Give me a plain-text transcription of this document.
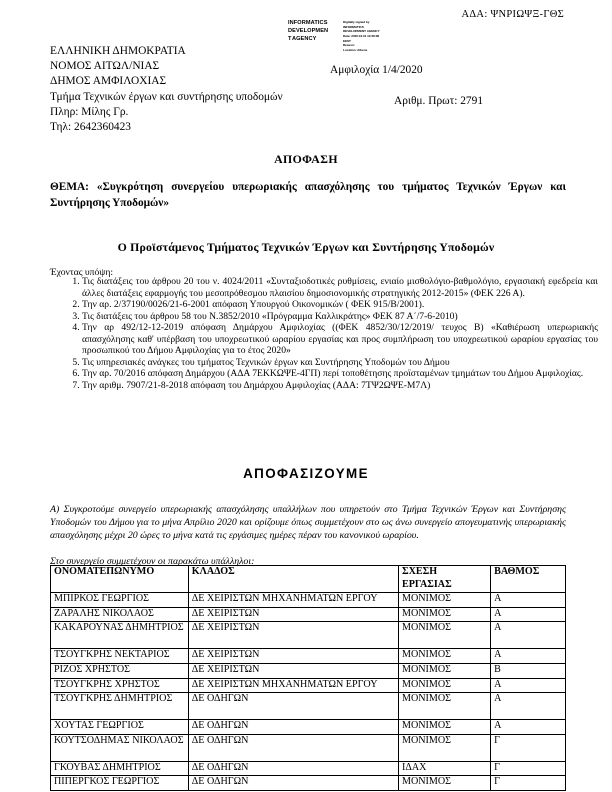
ΑΔΑ: ΨΝΡΙΩΨΞ-ΓΘΣ
INFORMATICS
DEVELOPMEN
T AGENCY
Digitally signed by
INFORMATICS
DEVELOPMENT AGENCY
Date: 2020.04.01 12:38:38
EEST
Reason:
Location: Athens
ΕΛΛΗΝΙΚΗ ΔΗΜΟΚΡΑΤΙΑ
ΝΟΜΟΣ ΑΙΤΩΛ/ΝΙΑΣ
ΔΗΜΟΣ ΑΜΦΙΛΟΧΙΑΣ
Τμήμα Τεχνικών έργων και συντήρησης υποδομών
Πληρ: Μίλης Γρ.
Τηλ: 2642360423
Αμφιλοχία 1/4/2020
Αριθμ. Πρωτ: 2791
ΑΠΟΦΑΣΗ
ΘΕΜΑ: «Συγκρότηση συνεργείου υπερωριακής απασχόλησης του τμήματος Τεχνικών Έργων και Συντήρησης Υποδομών»
Ο Προϊστάμενος Τμήματος Τεχνικών Έργων και Συντήρησης Υποδομών
Έχοντας υπόψη:
1. Τις διατάξεις του άρθρου 20 του ν. 4024/2011 «Συνταξιοδοτικές ρυθμίσεις, ενιαίο μισθολόγιο-βαθμολόγιο, εργασιακή εφεδρεία και άλλες διατάξεις εφαρμογής του μεσοπρόθεσμου πλαισίου δημοσιονομικής στρατηγικής 2012-2015» (ΦΕΚ 226 Α).
2. Την αρ. 2/37190/0026/21-6-2001 απόφαση Υπουργού Οικονομικών ( ΦΕΚ 915/Β/2001).
3. Τις διατάξεις του άρθρου 58 του Ν.3852/2010 «Πρόγραμμα Καλλικράτης» ΦΕΚ 87 Α΄/7-6-2010)
4. Την αρ 492/12-12-2019 απόφαση Δημάρχου Αμφιλοχίας ((ΦΕΚ 4852/30/12/2019/ τευχος Β) «Καθιέρωση υπερωριακής απασχόλησης καθ' υπέρβαση του υποχρεωτικού ωραρίου εργασίας και προς συμπλήρωση του υποχρεωτικού ωραρίου εργασίας του προσωπικού του Δήμου Αμφιλοχίας για το έτος 2020»
5. Τις υπηρεσιακές ανάγκες του τμήματος Τεχνικών έργων και Συντήρησης Υποδομών του Δήμου
6. Την αρ. 70/2016 απόφαση Δημάρχου (ΑΔΑ 7ΕΚΚΩΨΕ-4ΓΠ) περί τοποθέτησης προϊσταμένων τμημάτων του Δήμου Αμφιλοχίας.
7. Την αριθμ. 7907/21-8-2018 απόφαση του Δημάρχου Αμφιλοχίας (ΑΔΑ: 7ΤΨ2ΩΨΕ-Μ7Λ)
ΑΠΟΦΑΣΙΖΟΥΜΕ
Α) Συγκροτούμε συνεργείο υπερωριακής απασχόλησης υπαλλήλων που υπηρετούν στο Τμήμα Τεχνικών Έργων και Συντήρησης Υποδομών του Δήμου για το μήνα Απρίλιο 2020 και ορίζουμε όπως συμμετέχουν στο ως άνω συνεργείο απογευματινής υπερωριακής απασχόλησης μέχρι 20 ώρες το μήνα κατά τις εργάσιμες ημέρες πέραν του κανονικού ωραρίου.
Στο συνεργείο συμμετέχουν οι παρακάτω υπάλληλοι:
ΟΝΟΜΑΤΕΠΩΝΥΜΟ	ΚΛΑΔΟΣ	ΣΧΕΣΗ ΕΡΓΑΣΙΑΣ	ΒΑΘΜΟΣ
ΜΠΙΡΚΟΣ ΓΕΩΡΓΙΟΣ	ΔΕ ΧΕΙΡΙΣΤΩΝ ΜΗΧΑΝΗΜΑΤΩΝ ΕΡΓΟΥ	ΜΟΝΙΜΟΣ	Α
ΖΑΡΑΛΗΣ ΝΙΚΟΛΑΟΣ	ΔΕ ΧΕΙΡΙΣΤΩΝ	ΜΟΝΙΜΟΣ	Α
ΚΑΚΑΡΟΥΝΑΣ ΔΗΜΗΤΡΙΟΣ	ΔΕ ΧΕΙΡΙΣΤΩΝ	ΜΟΝΙΜΟΣ	Α
ΤΣΟΥΓΚΡΗΣ ΝΕΚΤΑΡΙΟΣ	ΔΕ ΧΕΙΡΙΣΤΩΝ	ΜΟΝΙΜΟΣ	Α
ΡΙΖΟΣ ΧΡΗΣΤΟΣ	ΔΕ ΧΕΙΡΙΣΤΩΝ	ΜΟΝΙΜΟΣ	Β
ΤΣΟΥΓΚΡΗΣ ΧΡΗΣΤΟΣ	ΔΕ ΧΕΙΡΙΣΤΩΝ ΜΗΧΑΝΗΜΑΤΩΝ ΕΡΓΟΥ	ΜΟΝΙΜΟΣ	Α
ΤΣΟΥΓΚΡΗΣ ΔΗΜΗΤΡΙΟΣ	ΔΕ ΟΔΗΓΩΝ	ΜΟΝΙΜΟΣ	Α
ΧΟΥΤΑΣ ΓΕΩΡΓΙΟΣ	ΔΕ ΟΔΗΓΩΝ	ΜΟΝΙΜΟΣ	Α
ΚΟΥΤΣΟΔΗΜΑΣ ΝΙΚΟΛΑΟΣ	ΔΕ ΟΔΗΓΩΝ	ΜΟΝΙΜΟΣ	Γ
ΓΚΟΥΒΑΣ ΔΗΜΗΤΡΙΟΣ	ΔΕ ΟΔΗΓΩΝ	ΙΔΑΧ	Γ
ΠΙΠΕΡΓΚΟΣ ΓΕΩΡΓΙΟΣ	ΔΕ ΟΔΗΓΩΝ	ΜΟΝΙΜΟΣ	Γ
